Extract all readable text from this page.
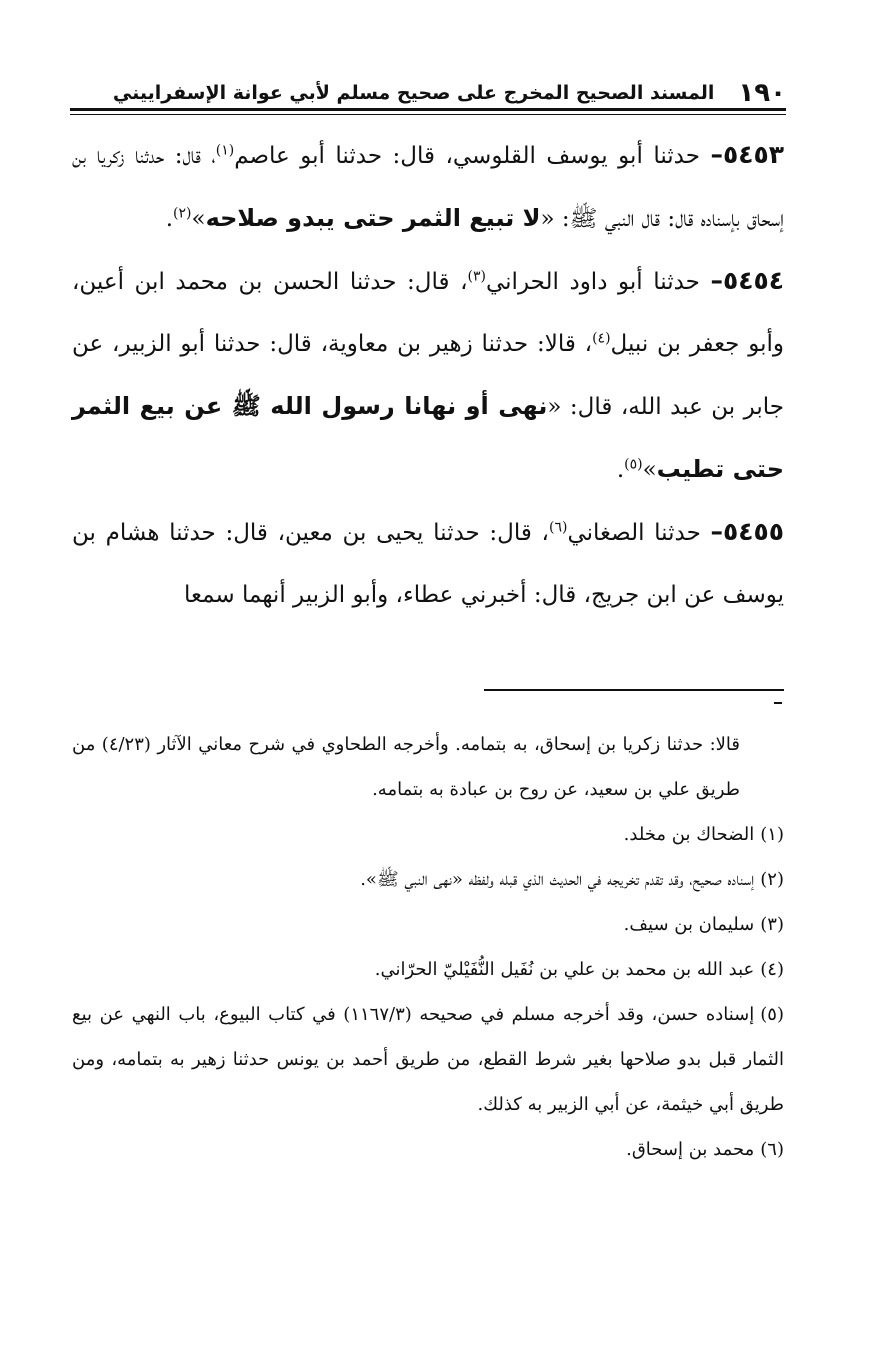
١٩٠
المسند الصحيح المخرج على صحيح مسلم لأبي عوانة الإسفراييني

٥٤٥٣– حدثنا أبو يوسف القلوسي، قال: حدثنا أبو عاصم$^{(١)}$، قال: حدثنا زكريا بن إسحاق بإسناده قال: قال النبي ﷺ: «لا تبيع الثمر حتى يبدو صلاحه»$^{(٢)}$.

٥٤٥٤– حدثنا أبو داود الحراني$^{(٣)}$، قال: حدثنا الحسن بن محمد ابن أعين، وأبو جعفر بن نبيل$^{(٤)}$، قالا: حدثنا زهير بن معاوية، قال: حدثنا أبو الزبير، عن جابر بن عبد الله، قال: «نهى أو نهانا رسول الله ﷺ عن بيع الثمر حتى تطيب»$^{(٥)}$.

٥٤٥٥– حدثنا الصغاني$^{(٦)}$، قال: حدثنا يحيى بن معين، قال: حدثنا هشام بن يوسف عن ابن جريج، قال: أخبرني عطاء، وأبو الزبير أنهما سمعا

قالا: حدثنا زكريا بن إسحاق، به بتمامه. وأخرجه الطحاوي في شرح معاني الآثار (٤/٢٣) من طريق علي بن سعيد، عن روح بن عبادة به بتمامه.

(١)الضحاك بن مخلد.

(٢)إسناده صحيح، وقد تقدم تخريجه في الحديث الذي قبله ولفظه «نهى النبي ﷺ».

(٣)سليمان بن سيف.

(٤)عبد الله بن محمد بن علي بن نُفَيل النُّفَيْليّ الحرّاني.

(٥)إسناده حسن، وقد أخرجه مسلم في صحيحه (١١٦٧/٣) في كتاب البيوع، باب النهي عن بيع الثمار قبل بدو صلاحها بغير شرط القطع، من طريق أحمد بن يونس حدثنا زهير به بتمامه، ومن طريق أبي خيثمة، عن أبي الزبير به كذلك.

(٦)محمد بن إسحاق.
